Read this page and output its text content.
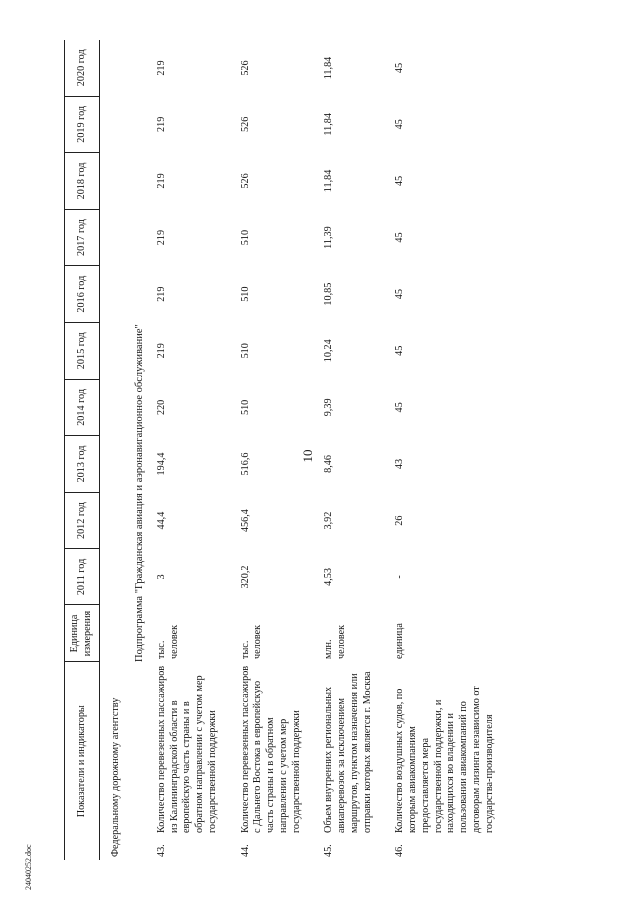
10
Показатели и индикаторы		Единица измерения	2011 год	2012 год	2013 год	2014 год	2015 год	2016 год	2017 год	2018 год	2019 год	2020 год
Федеральному дорожному агентству												
		Подпрограмма "Гражданская авиация и аэронавигационное обслуживание"										
43.	Количество перевезенных пассажиров из Калининградской области в европейскую часть страны и в обратном направлении с учетом мер государственной поддержки	тыс. человек	3	44,4	194,4	220	219	219	219	219	219	219
44.	Количество перевезенных пассажиров с Дальнего Востока в европейскую часть страны и в обратном направлении с учетом мер государственной поддержки	тыс. человек	320,2	456,4	516,6	510	510	510	510	526	526	526
45.	Объем внутренних региональных авиаперевозок за исключением маршрутов, пунктом назначения или отправки которых является г. Москва	млн. человек	4,53	3,92	8,46	9,39	10,24	10,85	11,39	11,84	11,84	11,84
46.	Количество воздушных судов, по которым авиакомпаниям предоставляется мера государственной поддержки, и находящихся во владении и пользовании авиакомпаний по договорам лизинга независимо от государства-производителя	единица	-	26	43	45	45	45	45	45	45	45
24040252.doc
